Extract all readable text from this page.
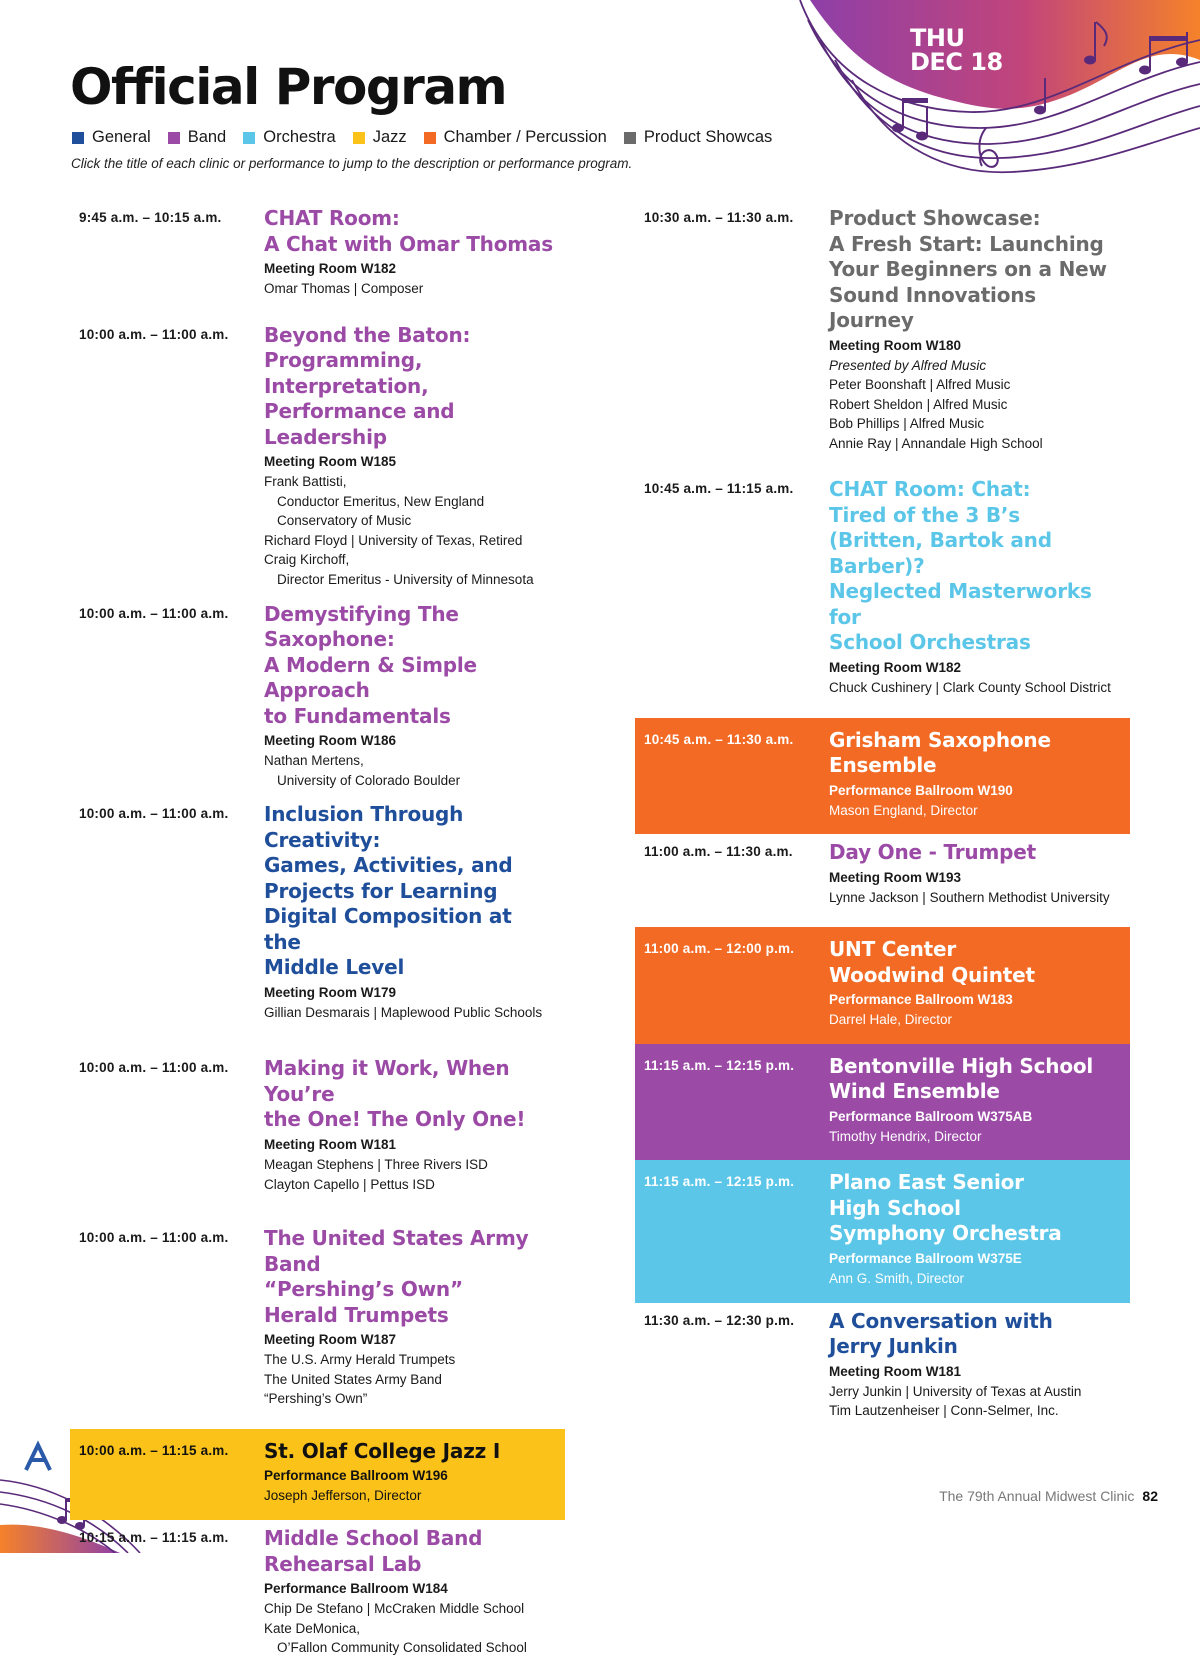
THU
DEC 18
Official Program
General Band Orchestra Jazz Chamber / Percussion Product Showcas
Click the title of each clinic or performance to jump to the description or performance program.
9:45 a.m. – 10:15 a.m.	CHAT Room:
A Chat with Omar Thomas
Meeting Room W182
Omar Thomas | Composer
10:00 a.m. – 11:00 a.m.	Beyond the Baton:
Programming, Interpretation,
Performance and Leadership
Meeting Room W185
Frank Battisti,
Conductor Emeritus, New England
Conservatory of Music
Richard Floyd | University of Texas, Retired
Craig Kirchoff,
Director Emeritus - University of Minnesota
10:00 a.m. – 11:00 a.m.	Demystifying The Saxophone:
A Modern & Simple Approach
to Fundamentals
Meeting Room W186
Nathan Mertens,
University of Colorado Boulder
10:00 a.m. – 11:00 a.m.	Inclusion Through Creativity:
Games, Activities, and
Projects for Learning
Digital Composition at the
Middle Level
Meeting Room W179
Gillian Desmarais | Maplewood Public Schools
10:00 a.m. – 11:00 a.m.	Making it Work, When You’re
the One! The Only One!
Meeting Room W181
Meagan Stephens | Three Rivers ISD
Clayton Capello | Pettus ISD
10:00 a.m. – 11:00 a.m.	The United States Army Band
“Pershing’s Own”
Herald Trumpets
Meeting Room W187
The U.S. Army Herald Trumpets
The United States Army Band
“Pershing’s Own”
10:00 a.m. – 11:15 a.m.	St. Olaf College Jazz I
Performance Ballroom W196
Joseph Jefferson, Director
10:15 a.m. – 11:15 a.m.	Middle School Band
Rehearsal Lab
Performance Ballroom W184
Chip De Stefano | McCraken Middle School
Kate DeMonica,
O’Fallon Community Consolidated School
10:30 a.m. – 11:30 a.m.	Product Showcase:
A Fresh Start: Launching
Your Beginners on a New
Sound Innovations Journey
Meeting Room W180
Presented by Alfred Music
Peter Boonshaft | Alfred Music
Robert Sheldon | Alfred Music
Bob Phillips | Alfred Music
Annie Ray | Annandale High School
10:45 a.m. – 11:15 a.m.	CHAT Room: Chat:
Tired of the 3 B’s
(Britten, Bartok and Barber)?
Neglected Masterworks for
School Orchestras
Meeting Room W182
Chuck Cushinery | Clark County School District
10:45 a.m. – 11:30 a.m.	Grisham Saxophone Ensemble
Performance Ballroom W190
Mason England, Director
11:00 a.m. – 11:30 a.m.	Day One - Trumpet
Meeting Room W193
Lynne Jackson | Southern Methodist University
11:00 a.m. – 12:00 p.m.	UNT Center
Woodwind Quintet
Performance Ballroom W183
Darrel Hale, Director
11:15 a.m. – 12:15 p.m.	Bentonville High School
Wind Ensemble
Performance Ballroom W375AB
Timothy Hendrix, Director
11:15 a.m. – 12:15 p.m.	Plano East Senior
High School
Symphony Orchestra
Performance Ballroom W375E
Ann G. Smith, Director
11:30 a.m. – 12:30 p.m.	A Conversation with
Jerry Junkin
Meeting Room W181
Jerry Junkin | University of Texas at Austin
Tim Lautzenheiser | Conn-Selmer, Inc.
The 79th Annual Midwest Clinic 82
